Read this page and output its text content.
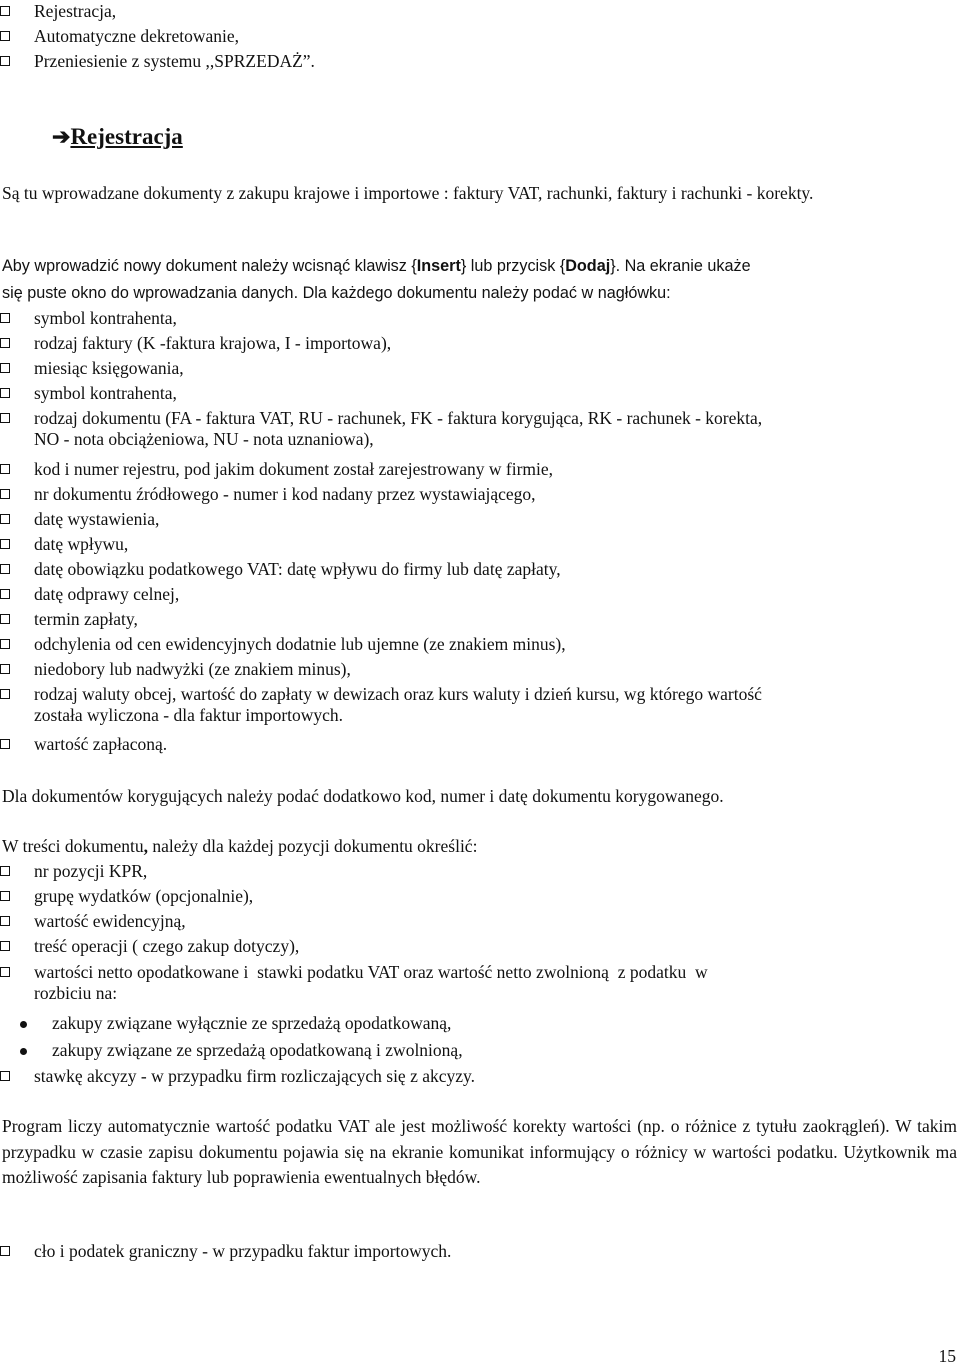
Rejestracja,
Automatyczne dekretowanie,
Przeniesienie z systemu ,,SPRZEDAŻ”.
➔Rejestracja
Są tu wprowadzane dokumenty z zakupu krajowe i importowe : faktury VAT, rachunki, faktury i rachunki - korekty.
Aby wprowadzić nowy dokument należy wcisnąć klawisz {Insert} lub przycisk {Dodaj}. Na ekranie ukaże
się puste okno do wprowadzania danych. Dla każdego dokumentu należy podać w nagłówku:
symbol kontrahenta,
rodzaj faktury (K -faktura krajowa, I - importowa),
miesiąc księgowania,
symbol kontrahenta,
rodzaj dokumentu (FA - faktura VAT, RU - rachunek, FK - faktura korygująca, RK - rachunek - korekta,
NO - nota obciążeniowa, NU - nota uznaniowa),
kod i numer rejestru, pod jakim dokument został zarejestrowany w firmie,
nr dokumentu źródłowego - numer i kod nadany przez wystawiającego,
datę wystawienia,
datę wpływu,
datę obowiązku podatkowego VAT: datę wpływu do firmy lub datę zapłaty,
datę odprawy celnej,
termin zapłaty,
odchylenia od cen ewidencyjnych dodatnie lub ujemne (ze znakiem minus),
niedobory lub nadwyżki (ze znakiem minus),
rodzaj waluty obcej, wartość do zapłaty w dewizach oraz kurs waluty i dzień kursu, wg którego wartość
została wyliczona - dla faktur importowych.
wartość zapłaconą.
Dla dokumentów korygujących należy podać dodatkowo kod, numer i datę dokumentu korygowanego.
W treści dokumentu, należy dla każdej pozycji dokumentu określić:
nr pozycji KPR,
grupę wydatków (opcjonalnie),
wartość ewidencyjną,
treść operacji ( czego zakup dotyczy),
wartości netto opodatkowane i  stawki podatku VAT oraz wartość netto zwolnioną  z podatku  w
rozbiciu na:
zakupy związane wyłącznie ze sprzedażą opodatkowaną,
zakupy związane ze sprzedażą opodatkowaną i zwolnioną,
stawkę akcyzy - w przypadku firm rozliczających się z akcyzy.
Program liczy automatycznie wartość podatku VAT ale jest możliwość korekty wartości (np. o różnice z tytułu zaokrągleń). W takim przypadku w czasie zapisu dokumentu pojawia się na ekranie komunikat informujący o różnicy w wartości podatku. Użytkownik ma możliwość zapisania faktury lub poprawienia ewentualnych błędów.
cło i podatek graniczny - w przypadku faktur importowych.
15
